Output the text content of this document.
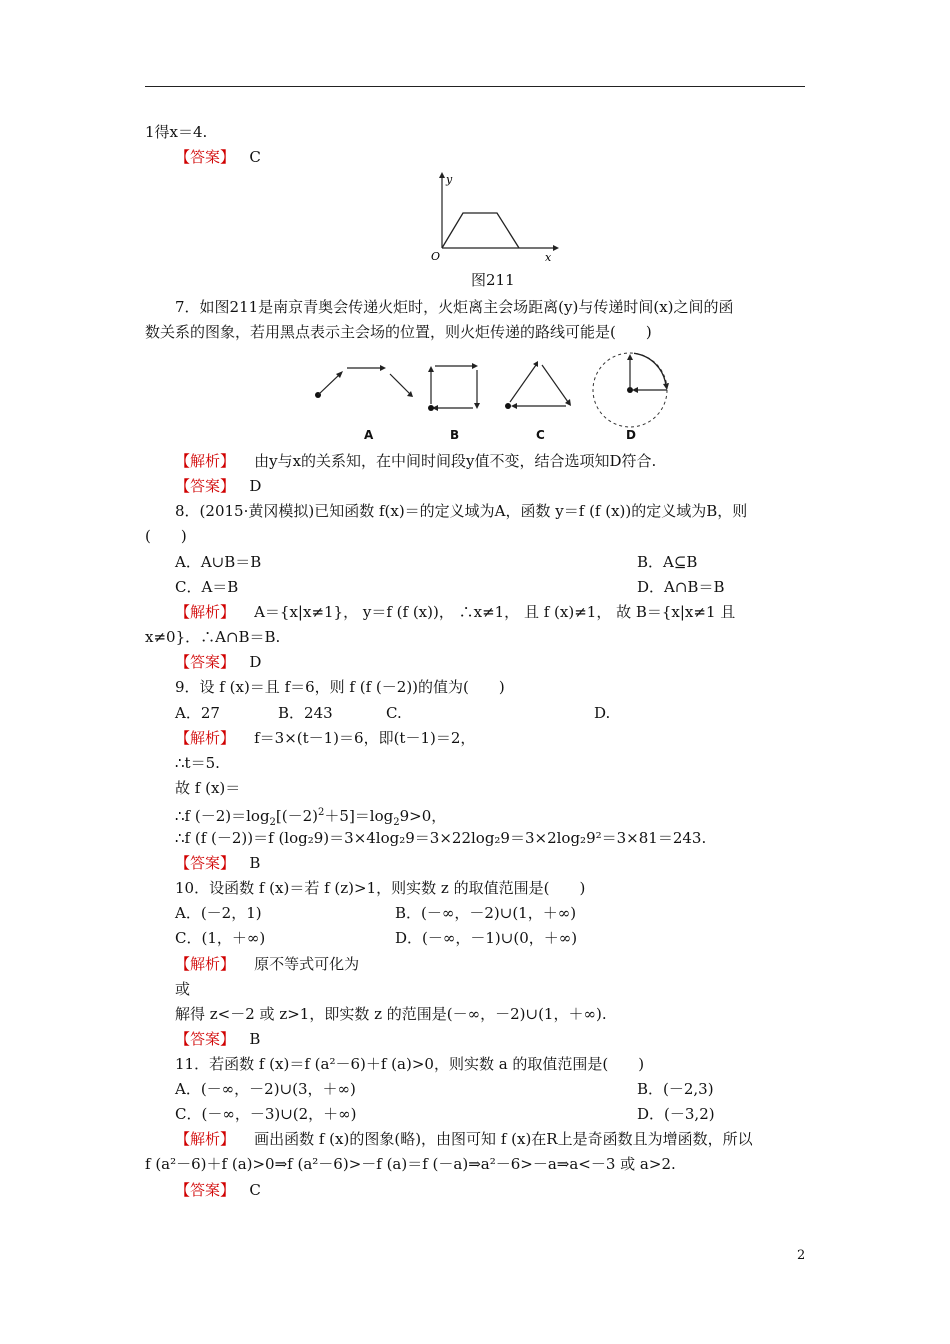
1得x＝4.
【答案】 C
y
x
O
图211
7．如图211是南京青奥会传递火炬时，火炬离主会场距离(y)与传递时间(x)之间的函
数关系的图象，若用黑点表示主会场的位置，则火炬传递的路线可能是(　　)
A	B	C	D
【解析】 由y与x的关系知，在中间时间段y值不变，结合选项知D符合.
【答案】 D
8．(2015·黄冈模拟)已知函数 f(x)＝的定义域为A，函数 y＝f (f (x))的定义域为B，则
(　　)
A．A∪B＝B	B．A⊆B
C．A＝B	D．A∩B＝B
【解析】 A＝{x|x≠1}， y＝f (f (x))， ∴x≠1， 且 f (x)≠1， 故 B＝{x|x≠1 且
x≠0}．∴A∩B＝B.
【答案】 D
9．设 f (x)＝且 f＝6，则 f (f (－2))的值为(　　)
A．27	B．243	C.	D.
【解析】 f＝3×(t－1)＝6，即(t－1)＝2，
∴t＝5.
故 f (x)＝
∴f $(-2)=\log_2[(-2)^2+5]=\log_29>0$，
∴f (f (－2))＝f (log₂9)＝3×4log₂9＝3×22log₂9＝3×2log₂9²＝3×81＝243.
【答案】 B
10．设函数 f (x)＝若 f (z)>1，则实数 z 的取值范围是(　　)
A．(－2，1)	B．(－∞，－2)∪(1，＋∞)
C．(1，＋∞)	D．(－∞，－1)∪(0，＋∞)
【解析】 原不等式可化为
或
解得 z<－2 或 z>1，即实数 z 的范围是(－∞，－2)∪(1，＋∞).
【答案】 B
11．若函数 f (x)＝f (a²－6)＋f (a)>0，则实数 a 的取值范围是(　　)
A．(－∞，－2)∪(3，＋∞)	B．(－2,3)
C．(－∞，－3)∪(2，＋∞)	D．(－3,2)
【解析】 画出函数 f (x)的图象(略)，由图可知 f (x)在R上是奇函数且为增函数，所以
f (a²－6)＋f (a)>0⇒f (a²－6)>－f (a)＝f (－a)⇒a²－6>－a⇒a<－3 或 a>2.
【答案】 C
2
